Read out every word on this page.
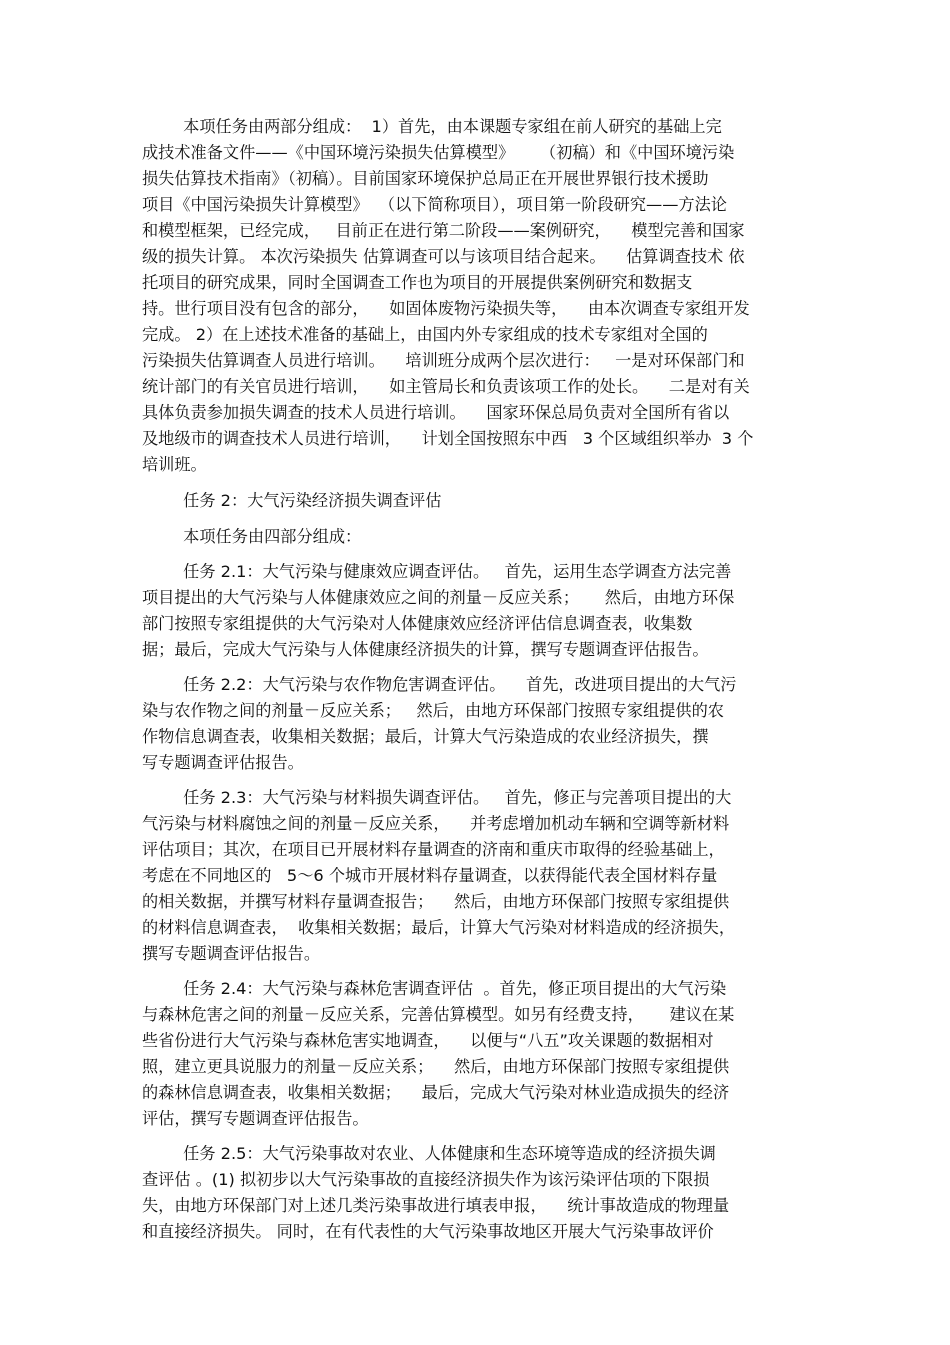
本项任务由两部分组成：  1）首先，由本课题专家组在前人研究的基础上完
成技术准备文件——《中国环境污染损失估算模型》     （初稿）和《中国环境污染
损失估算技术指南》（初稿）。目前国家环境保护总局正在开展世界银行技术援助
项目《中国污染损失计算模型》  （以下简称项目），项目第一阶段研究——方法论
和模型框架，已经完成，   目前正在进行第二阶段——案例研究，    模型完善和国家
级的损失计算。 本次污染损失 估算调查可以与该项目结合起来。    估算调查技术 依
托项目的研究成果，同时全国调查工作也为项目的开展提供案例研究和数据支
持。世行项目没有包含的部分，    如固体废物污染损失等，    由本次调查专家组开发
完成。 2）在上述技术准备的基础上，由国内外专家组成的技术专家组对全国的
污染损失估算调查人员进行培训。    培训班分成两个层次进行：   一是对环保部门和
统计部门的有关官员进行培训，    如主管局长和负责该项工作的处长。    二是对有关
具体负责参加损失调查的技术人员进行培训。    国家环保总局负责对全国所有省以
及地级市的调查技术人员进行培训，    计划全国按照东中西   3 个区域组织举办  3 个
培训班。
任务 2：大气污染经济损失调查评估
本项任务由四部分组成：
任务 2.1：大气污染与健康效应调查评估。   首先，运用生态学调查方法完善
项目提出的大气污染与人体健康效应之间的剂量－反应关系；     然后，由地方环保
部门按照专家组提供的大气污染对人体健康效应经济评估信息调查表，收集数
据；最后，完成大气污染与人体健康经济损失的计算，撰写专题调查评估报告。
任务 2.2：大气污染与农作物危害调查评估。    首先，改进项目提出的大气污
染与农作物之间的剂量－反应关系；   然后，由地方环保部门按照专家组提供的农
作物信息调查表，收集相关数据；最后，计算大气污染造成的农业经济损失，撰
写专题调查评估报告。
任务 2.3：大气污染与材料损失调查评估。   首先，修正与完善项目提出的大
气污染与材料腐蚀之间的剂量－反应关系，    并考虑增加机动车辆和空调等新材料
评估项目；其次，在项目已开展材料存量调查的济南和重庆市取得的经验基础上，
考虑在不同地区的   5～6 个城市开展材料存量调查，以获得能代表全国材料存量
的相关数据，并撰写材料存量调查报告；    然后，由地方环保部门按照专家组提供
的材料信息调查表，  收集相关数据；最后，计算大气污染对材料造成的经济损失，
撰写专题调查评估报告。
任务 2.4：大气污染与森林危害调查评估  。首先，修正项目提出的大气污染
与森林危害之间的剂量－反应关系，完善估算模型。如另有经费支持，     建议在某
些省份进行大气污染与森林危害实地调查，    以便与“八五”攻关课题的数据相对
照，建立更具说服力的剂量－反应关系；    然后，由地方环保部门按照专家组提供
的森林信息调查表，收集相关数据；    最后，完成大气污染对林业造成损失的经济
评估，撰写专题调查评估报告。
任务 2.5：大气污染事故对农业、人体健康和生态环境等造成的经济损失调
查评估 。(1) 拟初步以大气污染事故的直接经济损失作为该污染评估项的下限损
失，由地方环保部门对上述几类污染事故进行填表申报，    统计事故造成的物理量
和直接经济损失。 同时，在有代表性的大气污染事故地区开展大气污染事故评价
